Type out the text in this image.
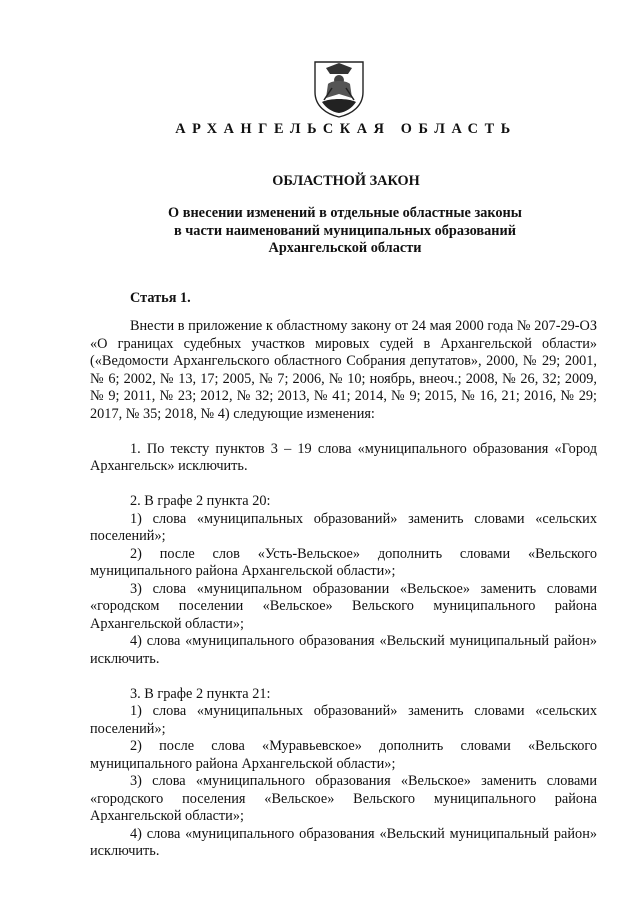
АРХАНГЕЛЬСКАЯ ОБЛАСТЬ
ОБЛАСТНОЙ ЗАКОН
О внесении изменений в отдельные областные законы
в части наименований муниципальных образований
Архангельской области
Статья 1.

Внести в приложение к областному закону от 24 мая 2000 года № 207-29-ОЗ «О границах судебных участков мировых судей в Архангельской области» («Ведомости Архангельского областного Собрания депутатов», 2000, № 29; 2001, № 6; 2002, № 13, 17; 2005, № 7; 2006, № 10; ноябрь, внеоч.; 2008, № 26, 32; 2009, № 9; 2011, № 23; 2012, № 32; 2013, № 41; 2014, № 9; 2015, № 16, 21; 2016, № 29; 2017, № 35; 2018, № 4) следующие изменения:

1. По тексту пунктов 3 – 19 слова «муниципального образования «Город Архангельск» исключить.

2. В графе 2 пункта 20:

1) слова «муниципальных образований» заменить словами «сельских поселений»;

2) после слов «Усть-Вельское» дополнить словами «Вельского муниципального района Архангельской области»;

3) слова «муниципальном образовании «Вельское» заменить словами «городском поселении «Вельское» Вельского муниципального района Архангельской области»;

4) слова «муниципального образования «Вельский муниципальный район» исключить.

3. В графе 2 пункта 21:

1) слова «муниципальных образований» заменить словами «сельских поселений»;

2) после слова «Муравьевское» дополнить словами «Вельского муниципального района Архангельской области»;

3) слова «муниципального образования «Вельское» заменить словами «городского поселения «Вельское» Вельского муниципального района Архангельской области»;

4) слова «муниципального образования «Вельский муниципальный район» исключить.
